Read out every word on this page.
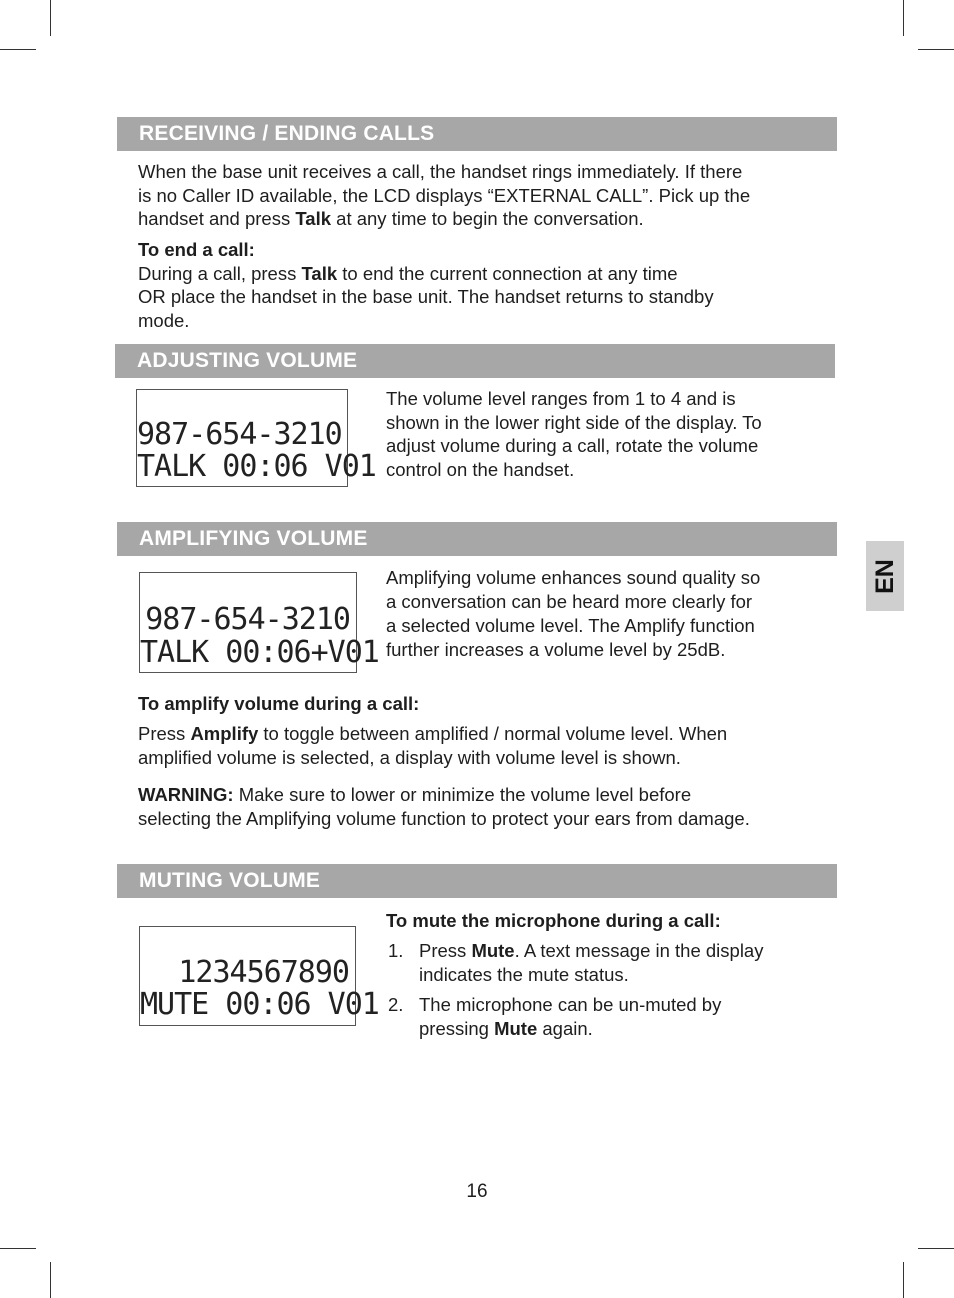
EN
RECEIVING / ENDING CALLS
When the base unit receives a call, the handset rings immediately. If there
is no Caller ID available, the LCD displays “EXTERNAL CALL”. Pick up the
handset and press Talk at any time to begin the conversation.
To end a call:
During a call, press Talk to end the current connection at any time
OR place the handset in the base unit. The handset returns to standby
mode.
ADJUSTING VOLUME
987-654-3210
TALK 00:06 V01
The volume level ranges from 1 to 4 and is
shown in the lower right side of the display. To
adjust volume during a call, rotate the volume
control on the handset.
AMPLIFYING VOLUME
987-654-3210
TALK 00:06+V01
Amplifying volume enhances sound quality so
a conversation can be heard more clearly for
a selected volume level. The Amplify function
further increases a volume level by 25dB.
To amplify volume during a call:
Press Amplify to toggle between amplified / normal volume level. When
amplified volume is selected, a display with volume level is shown.
WARNING: Make sure to lower or minimize the volume level before
selecting the Amplifying volume function to protect your ears from damage.
MUTING VOLUME
1234567890
MUTE 00:06 V01
To mute the microphone during a call:
1. Press Mute. A text message in the display
indicates the mute status.
2. The microphone can be un-muted by
pressing Mute again.
16
